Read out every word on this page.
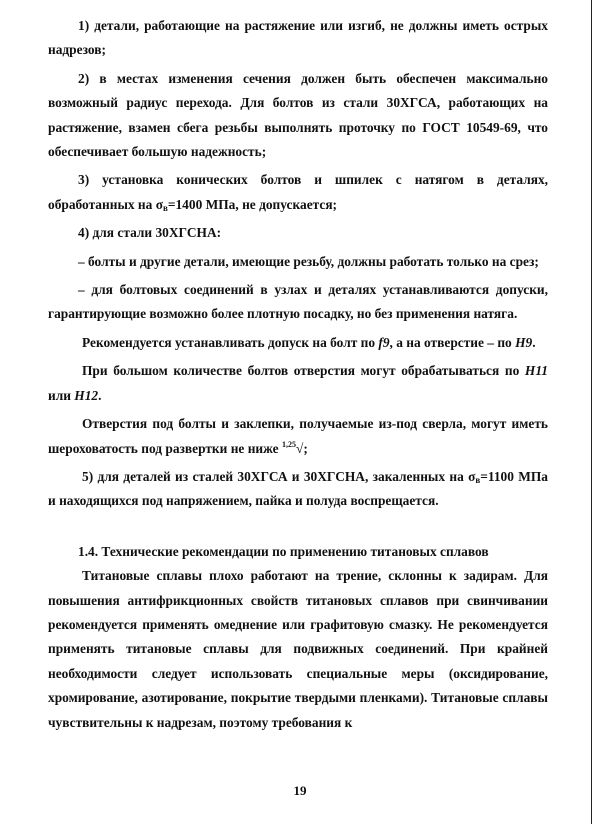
1) детали, работающие на растяжение или изгиб, не должны иметь острых надрезов;

2) в местах изменения сечения должен быть обеспечен максимально возможный радиус перехода. Для болтов из стали 30ХГСА, работающих на растяжение, взамен сбега резьбы выполнять проточку по ГОСТ 10549-69, что обеспечивает большую надежность;

3) установка конических болтов и шпилек с натягом в деталях, обработанных на $\sigma_в=1400$ МПа, не допускается;

4) для стали 30ХГСНА:

– болты и другие детали, имеющие резьбу, должны работать только на срез;

– для болтовых соединений в узлах и деталях устанавливаются допуски, гарантирующие возможно более плотную посадку, но без применения натяга.

Рекомендуется устанавливать допуск на болт по f9, а на отверстие – по H9.

При большом количестве болтов отверстия могут обрабатываться по H11 или H12.

Отверстия под болты и заклепки, получаемые из-под сверла, могут иметь шероховатость под развертки не ниже $^{1,25}$√;

5) для деталей из сталей 30ХГСА и 30ХГСНА, закаленных на $\sigma_в=1100$ МПа и находящихся под напряжением, пайка и полуда воспрещается.

1.4. Технические рекомендации по применению титановых сплавов

Титановые сплавы плохо работают на трение, склонны к задирам. Для повышения антифрикционных свойств титановых сплавов при свинчивании рекомендуется применять омеднение или графитовую смазку. Не рекомендуется применять титановые сплавы для подвижных соединений. При крайней необходимости следует использовать специальные меры (оксидирование, хромирование, азотирование, покрытие твердыми пленками). Титановые сплавы чувствительны к надрезам, поэтому требования к

19
